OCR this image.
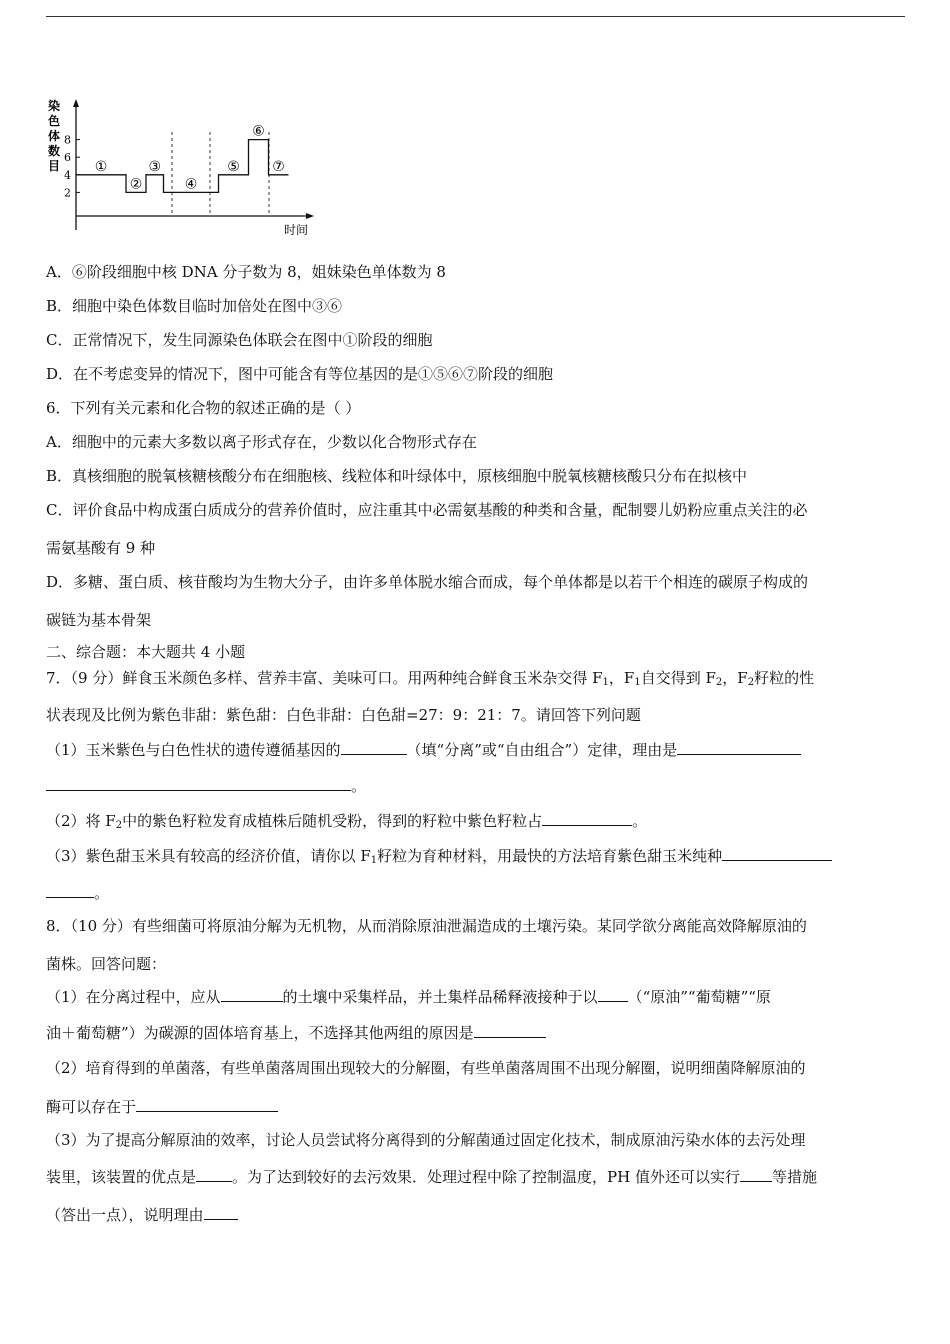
染
色
体
数
目
2
4
6
8
①
②
③
④
⑤
⑥
⑦
时间
A．⑥阶段细胞中核 DNA 分子数为 8，姐妹染色单体数为 8
B．细胞中染色体数目临时加倍处在图中③⑥
C．正常情况下，发生同源染色体联会在图中①阶段的细胞
D．在不考虑变异的情况下，图中可能含有等位基因的是①⑤⑥⑦阶段的细胞
6．下列有关元素和化合物的叙述正确的是（ ）
A．细胞中的元素大多数以离子形式存在，少数以化合物形式存在
B．真核细胞的脱氧核糖核酸分布在细胞核、线粒体和叶绿体中，原核细胞中脱氧核糖核酸只分布在拟核中
C．评价食品中构成蛋白质成分的营养价值时，应注重其中必需氨基酸的种类和含量，配制婴儿奶粉应重点关注的必
需氨基酸有 9 种
D．多糖、蛋白质、核苷酸均为生物大分子，由许多单体脱水缩合而成，每个单体都是以若干个相连的碳原子构成的
碳链为基本骨架
二、综合题：本大题共 4 小题
7．（9 分）鲜食玉米颜色多样、营养丰富、美味可口。用两种纯合鲜食玉米杂交得 $F_1$，$F_1$自交得到 $F_2$，$F_2$籽粒的性
状表现及比例为紫色非甜：紫色甜：白色非甜：白色甜=27：9：21：7。请回答下列问题
（1）玉米紫色与白色性状的遗传遵循基因的	（填“分离”或“自由组合”）定律，理由是
。
（2）将 $F_2$中的紫色籽粒发育成植株后随机受粉，得到的籽粒中紫色籽粒占	。
（3）紫色甜玉米具有较高的经济价值，请你以 $F_1$籽粒为育种材料，用最快的方法培育紫色甜玉米纯种
。
8．（10 分）有些细菌可将原油分解为无机物，从而消除原油泄漏造成的土壤污染。某同学欲分离能高效降解原油的
菌株。回答问题：
（1）在分离过程中，应从	的土壤中采集样品，并土集样品稀释液接种于以 （“原油”“葡萄糖”“原
油＋葡萄糖”）为碳源的固体培育基上，不选择其他两组的原因是
（2）培育得到的单菌落，有些单菌落周围出现较大的分解圈，有些单菌落周围不出现分解圈，说明细菌降解原油的
酶可以存在于
（3）为了提高分解原油的效率，讨论人员尝试将分离得到的分解菌通过固定化技术，制成原油污染水体的去污处理
装里，该装置的优点是 。为了达到较好的去污效果．处理过程中除了控制温度，PH 值外还可以实行 等措施
（答出一点），说明理由
